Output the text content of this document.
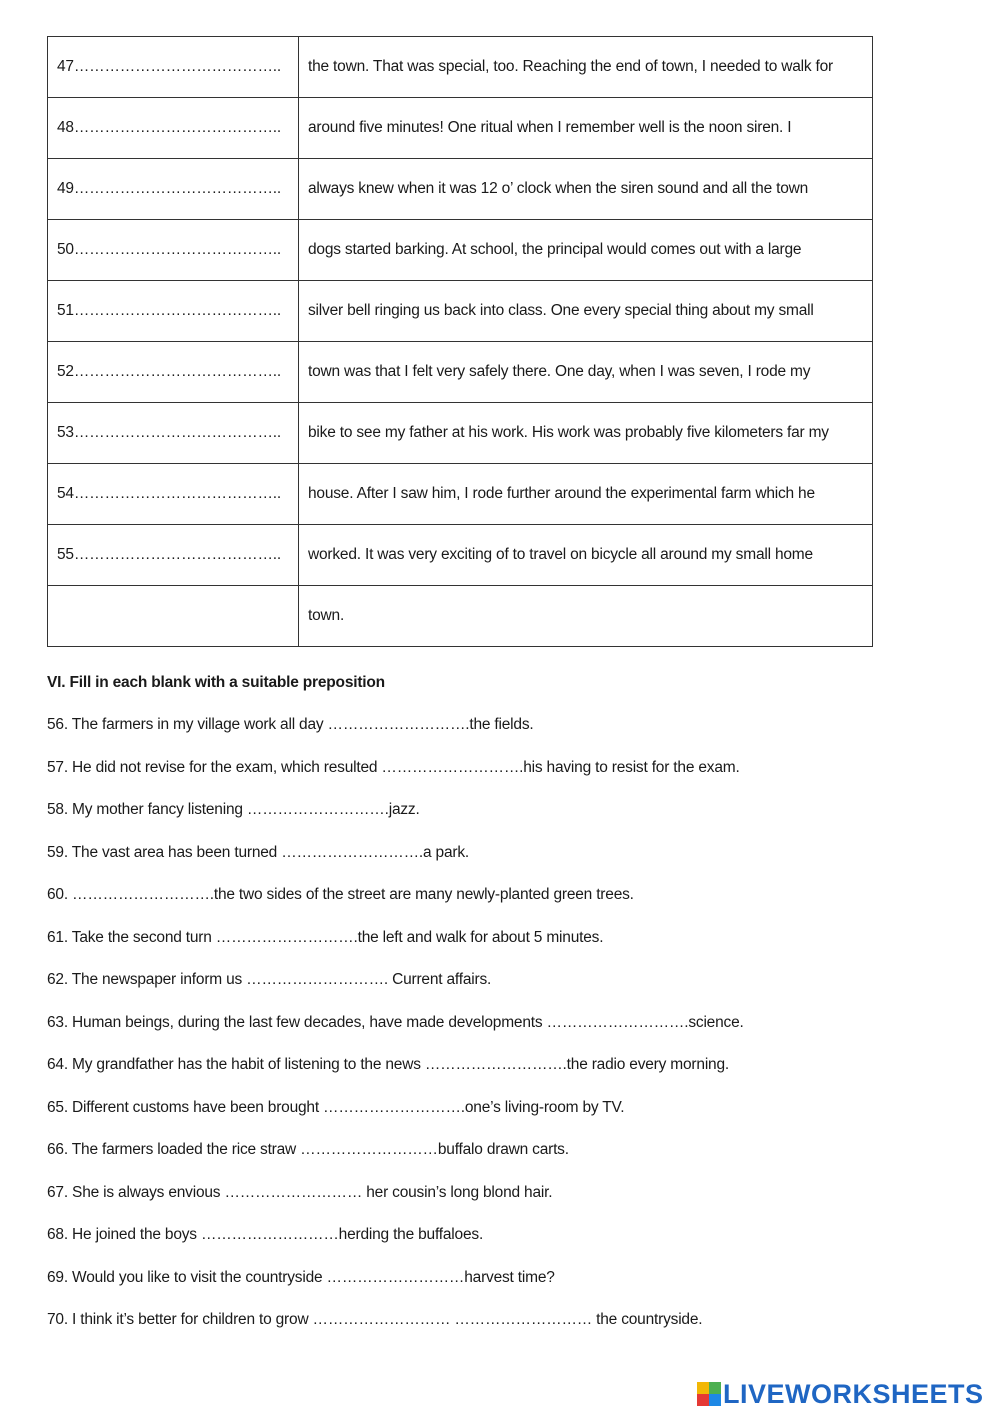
47…………………………………..	the town. That was special, too. Reaching the end of town, I needed to walk for
48…………………………………..	around five minutes! One ritual when I remember well is the noon siren. I
49…………………………………..	always knew when it was 12 o’ clock when the siren sound and all the town
50…………………………………..	dogs started barking. At school, the principal would comes out with a large
51…………………………………..	silver bell ringing us back into class. One every special thing about my small
52…………………………………..	town was that I felt very safely there. One day, when I was seven, I rode my
53…………………………………..	bike to see my father at his work. His work was probably five kilometers far my
54…………………………………..	house. After I saw him, I rode further around the experimental farm which he
55…………………………………..	worked. It was very exciting of to travel on bicycle all around my small home
	town.
VI. Fill in each blank with a suitable preposition
56. The farmers in my village work all day ……………………….the fields.
57. He did not revise for the exam, which resulted ……………………….his having to resist for the exam.
58. My mother fancy listening ……………………….jazz.
59. The vast area has been turned ……………………….a park.
60. ……………………….the two sides of the street are many newly-planted green trees.
61. Take the second turn ……………………….the left and walk for about 5 minutes.
62. The newspaper inform us ………………………. Current affairs.
63. Human beings, during the last few decades, have made developments ……………………….science.
64. My grandfather has the habit of listening to the news ……………………….the radio every morning.
65. Different customs have been brought ……………………….one’s living-room by TV.
66. The farmers loaded the rice straw ………………………buffalo drawn carts.
67. She is always envious ……………………… her cousin’s long blond hair.
68. He joined the boys ………………………herding the buffaloes.
69. Would you like to visit the countryside ………………………harvest time?
70. I think it’s better for children to grow ……………………… ……………………… the countryside.
LIVEWORKSHEETS
